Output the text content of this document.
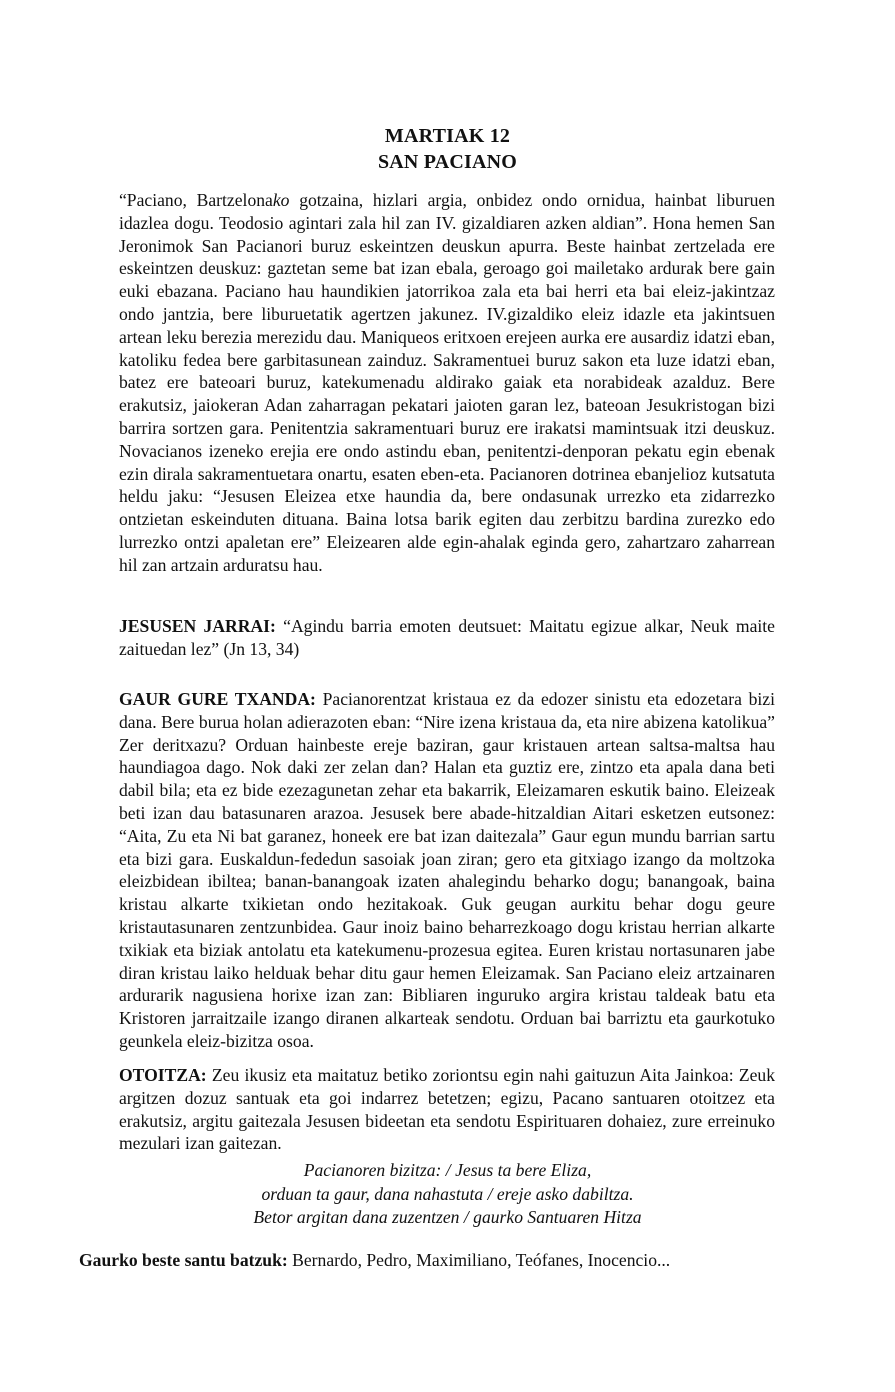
MARTIAK 12
SAN PACIANO

“Paciano, Bartzelonako gotzaina, hizlari argia, onbidez ondo ornidua, hainbat liburuen idazlea dogu. Teodosio agintari zala hil zan IV. gizaldiaren azken aldian”. Hona hemen San Jeronimok San Pacianori buruz eskeintzen deuskun apurra. Beste hainbat zertzelada ere eskeintzen deuskuz: gaztetan seme bat izan ebala, geroago goi mailetako ardurak bere gain euki ebazana. Paciano hau haundikien jatorrikoa zala eta bai herri eta bai eleiz-jakintzaz ondo jantzia, bere liburuetatik agertzen jakunez. IV.gizaldiko eleiz idazle eta jakintsuen artean leku berezia merezidu dau. Maniqueos eritxoen erejeen aurka ere ausardiz idatzi eban, katoliku fedea bere garbitasunean zainduz. Sakramentuei buruz sakon eta luze idatzi eban, batez ere bateoari buruz, katekumenadu aldirako gaiak eta norabideak azalduz. Bere erakutsiz, jaiokeran Adan zaharragan pekatari jaioten garan lez, bateoan Jesukristogan bizi barrira sortzen gara. Penitentzia sakramentuari buruz ere irakatsi mamintsuak itzi deuskuz. Novacianos izeneko erejia ere ondo astindu eban, penitentzi-denporan pekatu egin ebenak ezin dirala sakramentuetara onartu, esaten eben-eta. Pacianoren dotrinea ebanjelioz kutsatuta heldu jaku: “Jesusen Eleizea etxe haundia da, bere ondasunak urrezko eta zidarrezko ontzietan eskeinduten dituana. Baina lotsa barik egiten dau zerbitzu bardina zurezko edo lurrezko ontzi apaletan ere” Eleizearen alde egin-ahalak eginda gero, zahartzaro zaharrean hil zan artzain arduratsu hau.

JESUSEN JARRAI: “Agindu barria emoten deutsuet: Maitatu egizue alkar, Neuk maite zaituedan lez” (Jn 13, 34)

GAUR GURE TXANDA: Pacianorentzat kristaua ez da edozer sinistu eta edozetara bizi dana. Bere burua holan adierazoten eban: “Nire izena kristaua da, eta nire abizena katolikua” Zer deritxazu? Orduan hainbeste ereje baziran, gaur kristauen artean saltsa-maltsa hau haundiagoa dago. Nok daki zer zelan dan? Halan eta guztiz ere, zintzo eta apala dana beti dabil bila; eta ez bide ezezagunetan zehar eta bakarrik, Eleizamaren eskutik baino. Eleizeak beti izan dau batasunaren arazoa. Jesusek bere abade-hitzaldian Aitari esketzen eutsonez: “Aita, Zu eta Ni bat garanez, honeek ere bat izan daitezala” Gaur egun mundu barrian sartu eta bizi gara. Euskaldun-fededun sasoiak joan ziran; gero eta gitxiago izango da moltzoka eleizbidean ibiltea; banan-banangoak izaten ahalegindu beharko dogu; banangoak, baina kristau alkarte txikietan ondo hezitakoak. Guk geugan aurkitu behar dogu geure kristautasunaren zentzunbidea. Gaur inoiz baino beharrezkoago dogu kristau herrian alkarte txikiak eta biziak antolatu eta katekumenu-prozesua egitea. Euren kristau nortasunaren jabe diran kristau laiko helduak behar ditu gaur hemen Eleizamak. San Paciano eleiz artzainaren ardurarik nagusiena horixe izan zan: Bibliaren inguruko argira kristau taldeak batu eta Kristoren jarraitzaile izango diranen alkarteak sendotu. Orduan bai barriztu eta gaurkotuko geunkela eleiz-bizitza osoa.

OTOITZA: Zeu ikusiz eta maitatuz betiko zoriontsu egin nahi gaituzun Aita Jainkoa: Zeuk argitzen dozuz santuak eta goi indarrez betetzen; egizu, Pacano santuaren otoitzez eta erakutsiz, argitu gaitezala Jesusen bideetan eta sendotu Espirituaren dohaiez, zure erreinuko mezulari izan gaitezan.

Pacianoren bizitza: / Jesus ta bere Eliza,
orduan ta gaur, dana nahastuta / ereje asko dabiltza.
Betor argitan dana zuzentzen / gaurko Santuaren Hitza
Gaurko beste santu batzuk: Bernardo, Pedro, Maximiliano, Teófanes, Inocencio...
